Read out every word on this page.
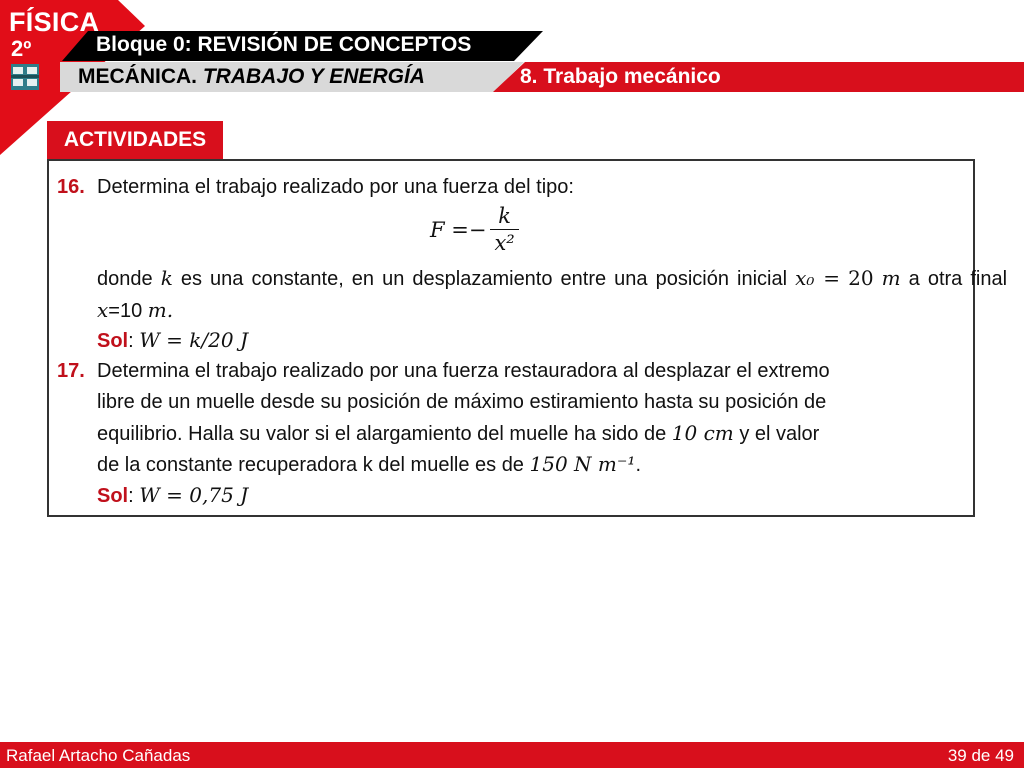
FÍSICA
2º	Bloque 0: REVISIÓN DE CONCEPTOS
MECÁNICA. TRABAJO Y ENERGÍA	8. Trabajo mecánico
ACTIVIDADES
16. Determina el trabajo realizado por una fuerza del tipo:
F = − $\frac{k}{\text{x²}}$
donde k es una constante, en un desplazamiento entre una posición inicial x₀ = 20 m a otra final x=10 m.
Sol: W = k/20 J
17. Determina el trabajo realizado por una fuerza restauradora al desplazar el extremo
libre de un muelle desde su posición de máximo estiramiento hasta su posición de
equilibrio. Halla su valor si el alargamiento del muelle ha sido de 10 cm y el valor
de la constante recuperadora k del muelle es de 150 N m⁻¹.
Sol: W = 0,75 J
Rafael Artacho Cañadas	39 de 49
